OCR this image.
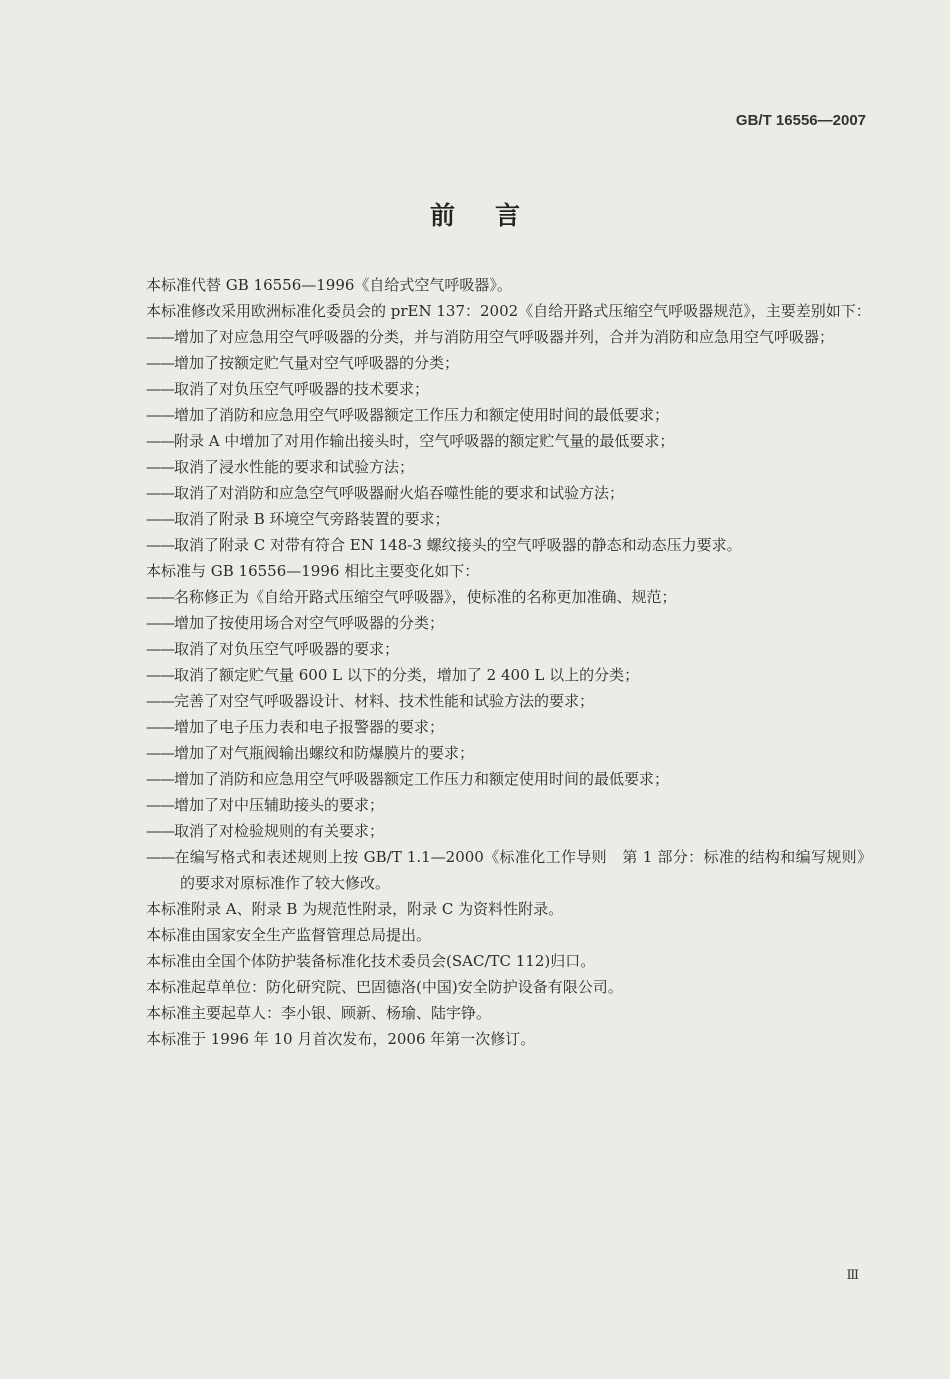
GB/T 16556—2007
前言

本标准代替 GB 16556—1996《自给式空气呼吸器》。

本标准修改采用欧洲标准化委员会的 prEN 137：2002《自给开路式压缩空气呼吸器规范》，主要差别如下：

——增加了对应急用空气呼吸器的分类，并与消防用空气呼吸器并列，合并为消防和应急用空气呼吸器；

——增加了按额定贮气量对空气呼吸器的分类；

——取消了对负压空气呼吸器的技术要求；

——增加了消防和应急用空气呼吸器额定工作压力和额定使用时间的最低要求；

——附录 A 中增加了对用作输出接头时，空气呼吸器的额定贮气量的最低要求；

——取消了浸水性能的要求和试验方法；

——取消了对消防和应急空气呼吸器耐火焰吞噬性能的要求和试验方法；

——取消了附录 B 环境空气旁路装置的要求；

——取消了附录 C 对带有符合 EN 148-3 螺纹接头的空气呼吸器的静态和动态压力要求。

本标准与 GB 16556—1996 相比主要变化如下：

——名称修正为《自给开路式压缩空气呼吸器》，使标准的名称更加准确、规范；

——增加了按使用场合对空气呼吸器的分类；

——取消了对负压空气呼吸器的要求；

——取消了额定贮气量 600 L 以下的分类，增加了 2 400 L 以上的分类；

——完善了对空气呼吸器设计、材料、技术性能和试验方法的要求；

——增加了电子压力表和电子报警器的要求；

——增加了对气瓶阀输出螺纹和防爆膜片的要求；

——增加了消防和应急用空气呼吸器额定工作压力和额定使用时间的最低要求；

——增加了对中压辅助接头的要求；

——取消了对检验规则的有关要求；

——在编写格式和表述规则上按 GB/T 1.1—2000《标准化工作导则　第 1 部分：标准的结构和编写规则》的要求对原标准作了较大修改。

本标准附录 A、附录 B 为规范性附录，附录 C 为资料性附录。

本标准由国家安全生产监督管理总局提出。

本标准由全国个体防护装备标准化技术委员会(SAC/TC 112)归口。

本标准起草单位：防化研究院、巴固德洛(中国)安全防护设备有限公司。

本标准主要起草人：李小银、顾新、杨瑜、陆宇铮。

本标准于 1996 年 10 月首次发布，2006 年第一次修订。

Ⅲ
